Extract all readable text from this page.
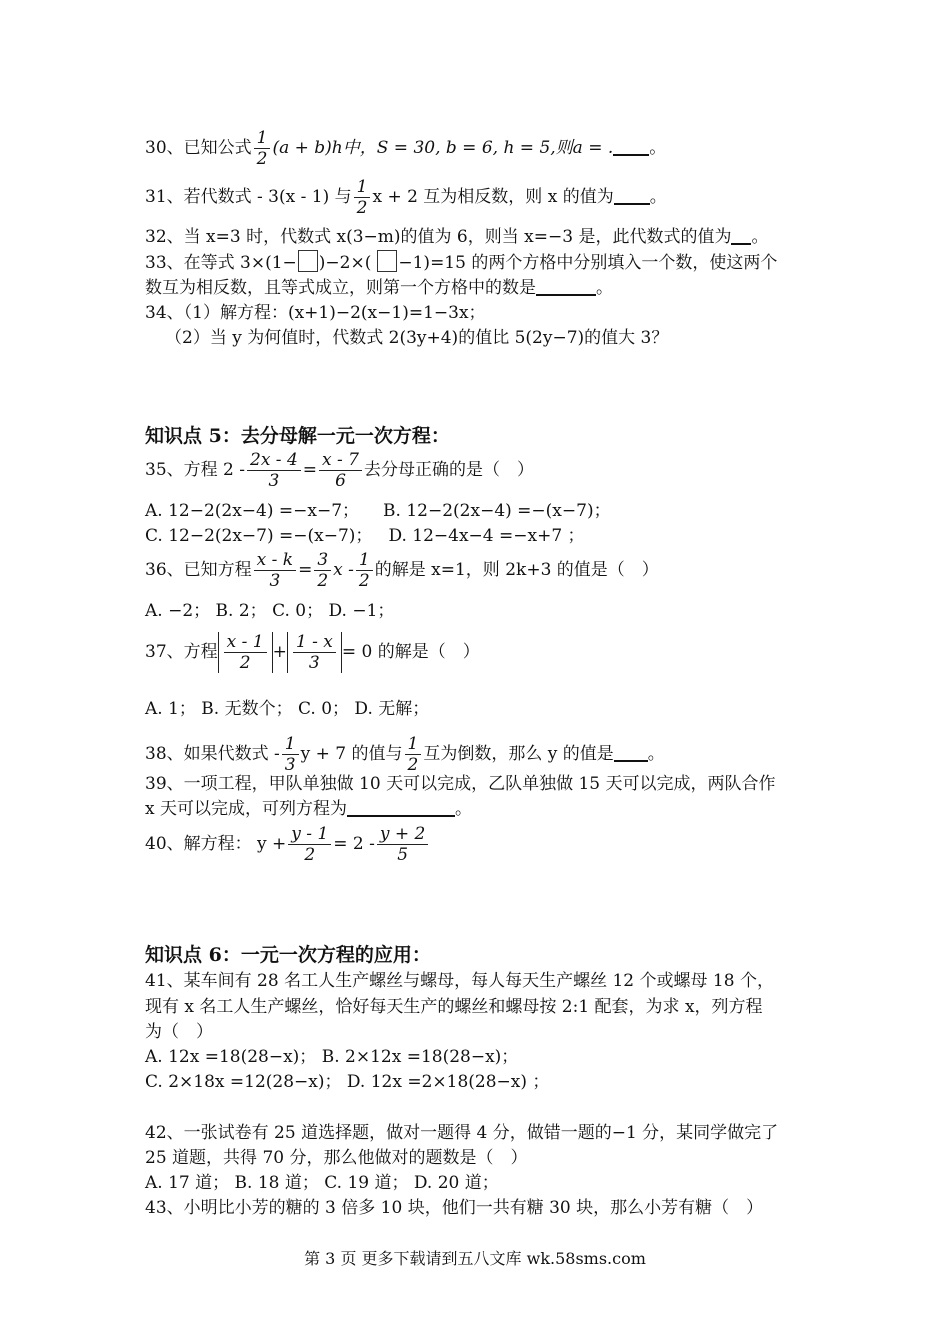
30、已知公式 $\frac{1}{2} (a + b)h$中，S = 30, b = 6, h = 5,则a = . 。
31、若代数式 - 3(x - 1) 与 $\frac{1}{2}$ x + 2 互为相反数，则 x 的值为 。
32、当 x=3 时，代数式 x(3−m)的值为 6，则当 x=−3 是，此代数式的值为 。
33、在等式 3×(1− )−2×( −1)=15 的两个方格中分别填入一个数，使这两个
数互为相反数，且等式成立，则第一个方格中的数是	。
34、（1）解方程：(x+1)−2(x−1)=1−3x；
（2）当 y 为何值时，代数式 2(3y+4)的值比 5(2y−7)的值大 3？
知识点 5：去分母解一元一次方程：
35、方程 $2 - \frac{2x - 4}{3} = \frac{x - 7}{6}$ 去分母正确的是（　）
A. 12−2(2x−4) =−x−7； B. 12−2(2x−4) =−(x−7)；
C. 12−2(2x−7) =−(x−7)； D. 12−4x−4 =−x+7 ；
36、已知方程 $\frac{x - k}{3} = \frac{3}{2}$ x - $\frac{1}{2}$ 的解是 x=1，则 2k+3 的值是（　）
A. −2； B. 2； C. 0； D. −1；
37、方程 $\frac{x - 1}{2} + \frac{1 - x}{3} = 0$ 的解是（　）
A. 1； B. 无数个； C. 0； D. 无解；
38、如果代数式 - $\frac{1}{3}$ y + 7 的值与 $\frac{1}{2}$ 互为倒数，那么 y 的值是 。
39、一项工程，甲队单独做 10 天可以完成，乙队单独做 15 天可以完成，两队合作
x 天可以完成，可列方程为	。
40、解方程： $y + \frac{y - 1}{2} = 2 - \frac{y + 2}{5}$
知识点 6：一元一次方程的应用：
41、某车间有 28 名工人生产螺丝与螺母，每人每天生产螺丝 12 个或螺母 18 个，
现有 x 名工人生产螺丝，恰好每天生产的螺丝和螺母按 2:1 配套，为求 x，列方程
为（　）
A. 12x =18(28−x)； B. 2×12x =18(28−x)；
C. 2×18x =12(28−x)； D. 12x =2×18(28−x) ；
42、一张试卷有 25 道选择题，做对一题得 4 分，做错一题的−1 分，某同学做完了
25 道题，共得 70 分，那么他做对的题数是（　）
A. 17 道； B. 18 道； C. 19 道； D. 20 道；
43、小明比小芳的糖的 3 倍多 10 块，他们一共有糖 30 块，那么小芳有糖（　）
第 3 页 更多下载请到五八文库 wk.58sms.com
